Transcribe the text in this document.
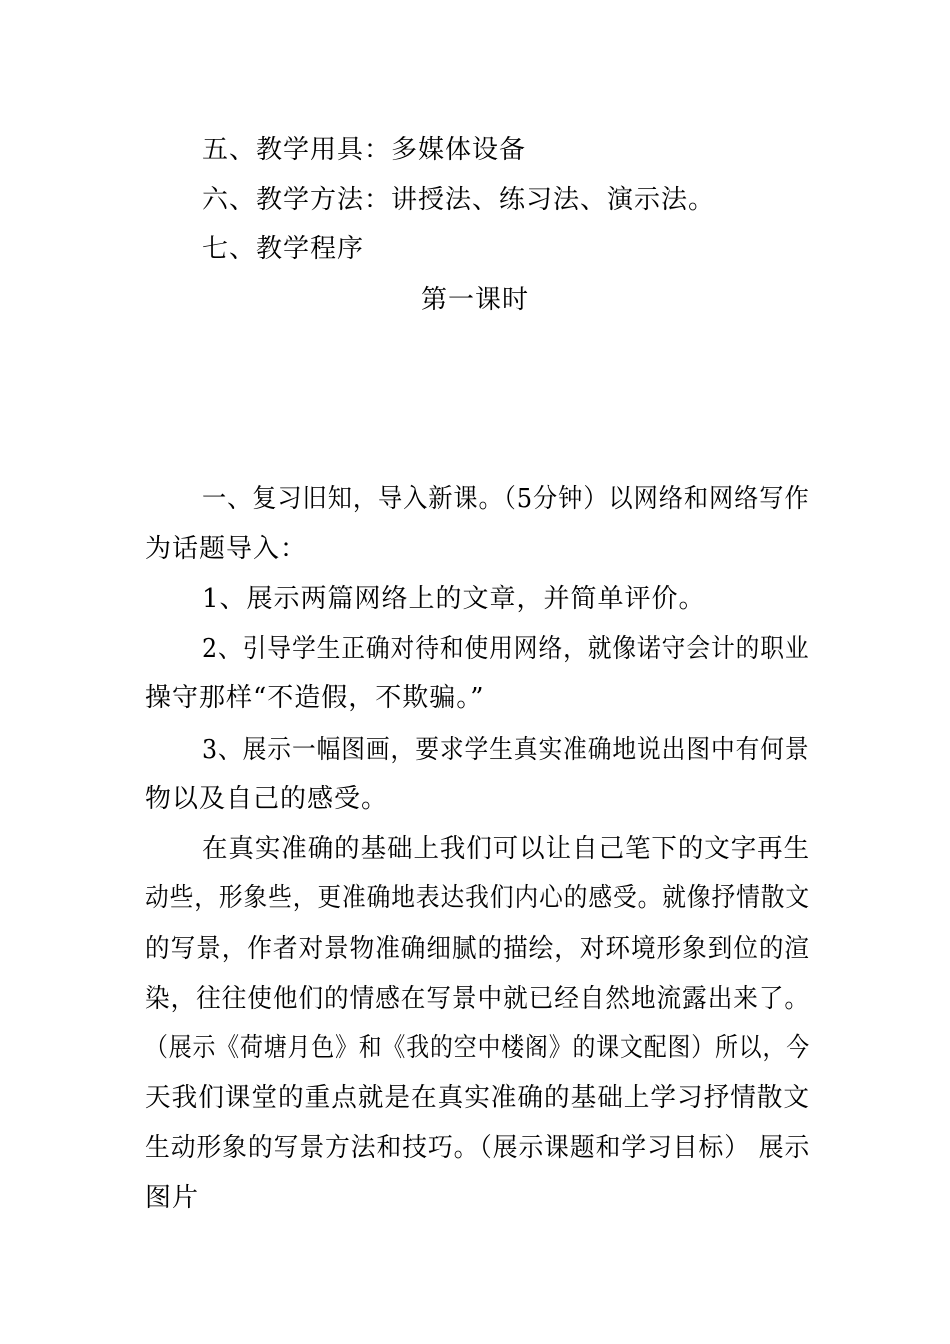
五、教学用具：多媒体设备
六、教学方法：讲授法、练习法、演示法。
七、教学程序
第一课时
一、复习旧知，导入新课。（5分钟）以网络和网络写作
为话题导入：
1、展示两篇网络上的文章，并简单评价。
2、引导学生正确对待和使用网络，就像诺守会计的职业
操守那样“不造假，不欺骗。”
3、展示一幅图画，要求学生真实准确地说出图中有何景
物以及自己的感受。
在真实准确的基础上我们可以让自己笔下的文字再生
动些，形象些，更准确地表达我们内心的感受。就像抒情散文
的写景，作者对景物准确细腻的描绘，对环境形象到位的渲
染，往往使他们的情感在写景中就已经自然地流露出来了。
（展示《荷塘月色》和《我的空中楼阁》的课文配图）所以，今
天我们课堂的重点就是在真实准确的基础上学习抒情散文
生动形象的写景方法和技巧。（展示课题和学习目标） 展示
图片
